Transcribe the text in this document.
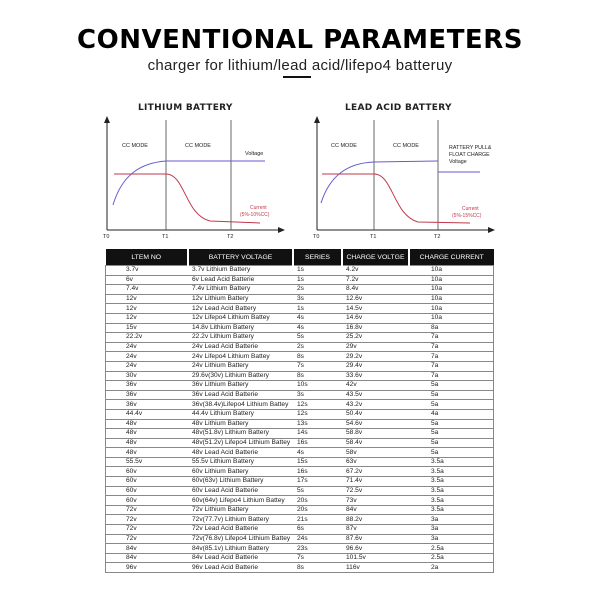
CONVENTIONAL PARAMETERS
charger for lithium/lead acid/lifepo4 batteruy
LITHIUM BATTERY	LEAD ACID BATTERY
CC MODE	CC MODE
Voltage
Current
(5%-10%CC)
T0	T1	T2
CC MODE	CC MODE	RATTERY PULL&
FLOAT CHARGE
Voltage
Current
(5%-15%CC)
T0	T1	T2
LTEM NO	BATTERY VOLTAGE	SERIES	CHARGE VOLTGE	CHARGE CURRENT
3.7v	3.7v Lithium Battery	1s	4.2v	10a
6v	6v Lead Acid Batterie	1s	7.2v	10a
7.4v	7.4v Lithium Battery	2s	8.4v	10a
12v	12v Lithium Battery	3s	12.6v	10a
12v	12v Lead Acid Battery	1s	14.5v	10a
12v	12v Lifepo4 Lithium Battey	4s	14.6v	10a
15v	14.8v Lithium Battery	4s	16.8v	8a
22.2v	22.2v Lithium Battery	5s	25.2v	7a
24v	24v Lead Acid Batterie	2s	29v	7a
24v	24v Lifepo4 Lithium Battey	8s	29.2v	7a
24v	24v Lithium Battery	7s	29.4v	7a
30v	29.6v(30v) Lithium Battery	8s	33.6v	7a
36v	36v Lithium Battery	10s	42v	5a
36v	36v Lead Acid Batterie	3s	43.5v	5a
36v	36v(38.4v)Lifepo4 Lithium Battey	12s	43.2v	5a
44.4v	44.4v Lithium Battery	12s	50.4v	4a
48v	48v Lithium Battery	13s	54.6v	5a
48v	48v(51.8v) Lithium Battery	14s	58.8v	5a
48v	48v(51.2v) Lifepo4 Lithium Battey	16s	58.4v	5a
48v	48v Lead Acid Batterie	4s	58v	5a
55.5v	55.5v Lithium Battery	15s	63v	3.5a
60v	60v Lithium Battery	16s	67.2v	3.5a
60v	60v(63v) Lithium Battery	17s	71.4v	3.5a
60v	60v Lead Acid Batterie	5s	72.5v	3.5a
60v	60v(64v) Lifepo4 Lithium Battey	20s	73v	3.5a
72v	72v Lithium Battery	20s	84v	3.5a
72v	72v(77.7v) Lithium Battery	21s	88.2v	3a
72v	72v Lead Acid Batterie	6s	87v	3a
72v	72v(76.8v) Lifepo4 Lithium Battey	24s	87.6v	3a
84v	84v(85.1v) Lithium Battery	23s	96.6v	2.5a
84v	84v Lead Acid Batterie	7s	101.5v	2.5a
96v	96v Lead Acid Batterie	8s	116v	2a
